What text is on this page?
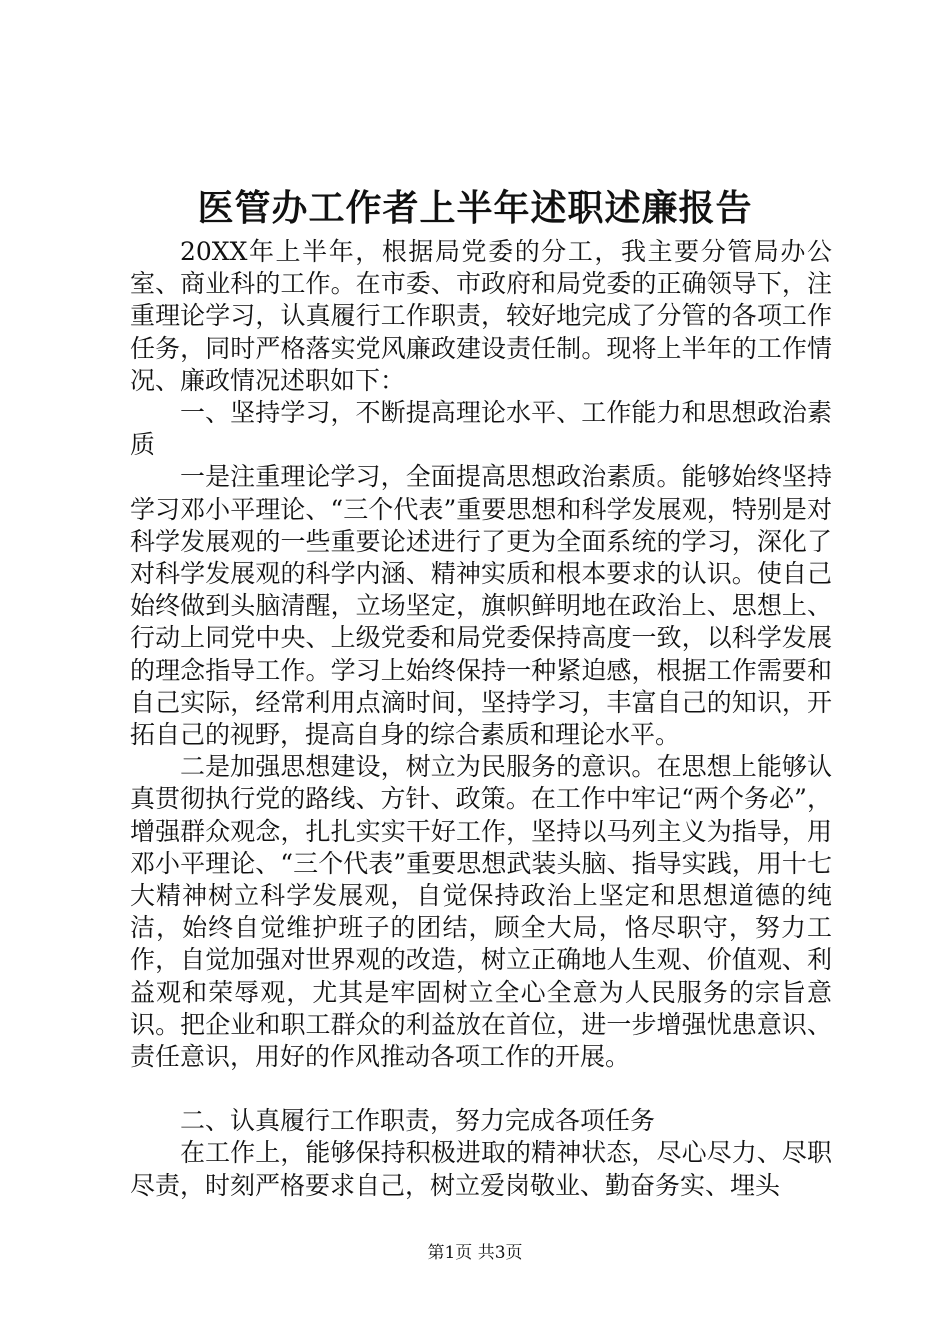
医管办工作者上半年述职述廉报告

20XX年上半年，根据局党委的分工，我主要分管局办公室、商业科的工作。在市委、市政府和局党委的正确领导下，注重理论学习，认真履行工作职责，较好地完成了分管的各项工作任务，同时严格落实党风廉政建设责任制。现将上半年的工作情况、廉政情况述职如下：

一、坚持学习，不断提高理论水平、工作能力和思想政治素质

一是注重理论学习，全面提高思想政治素质。能够始终坚持学习邓小平理论、“三个代表”重要思想和科学发展观，特别是对科学发展观的一些重要论述进行了更为全面系统的学习，深化了对科学发展观的科学内涵、精神实质和根本要求的认识。使自己始终做到头脑清醒，立场坚定，旗帜鲜明地在政治上、思想上、行动上同党中央、上级党委和局党委保持高度一致，以科学发展的理念指导工作。学习上始终保持一种紧迫感，根据工作需要和自己实际，经常利用点滴时间，坚持学习，丰富自己的知识，开拓自己的视野，提高自身的综合素质和理论水平。

二是加强思想建设，树立为民服务的意识。在思想上能够认真贯彻执行党的路线、方针、政策。在工作中牢记“两个务必”，增强群众观念，扎扎实实干好工作，坚持以马列主义为指导，用邓小平理论、“三个代表”重要思想武装头脑、指导实践，用十七大精神树立科学发展观，自觉保持政治上坚定和思想道德的纯洁，始终自觉维护班子的团结，顾全大局，恪尽职守，努力工作，自觉加强对世界观的改造，树立正确地人生观、价值观、利益观和荣辱观，尤其是牢固树立全心全意为人民服务的宗旨意识。把企业和职工群众的利益放在首位，进一步增强忧患意识、责任意识，用好的作风推动各项工作的开展。

二、认真履行工作职责，努力完成各项任务

在工作上，能够保持积极进取的精神状态，尽心尽力、尽职尽责，时刻严格要求自己，树立爱岗敬业、勤奋务实、埋头

第1页 共3页
